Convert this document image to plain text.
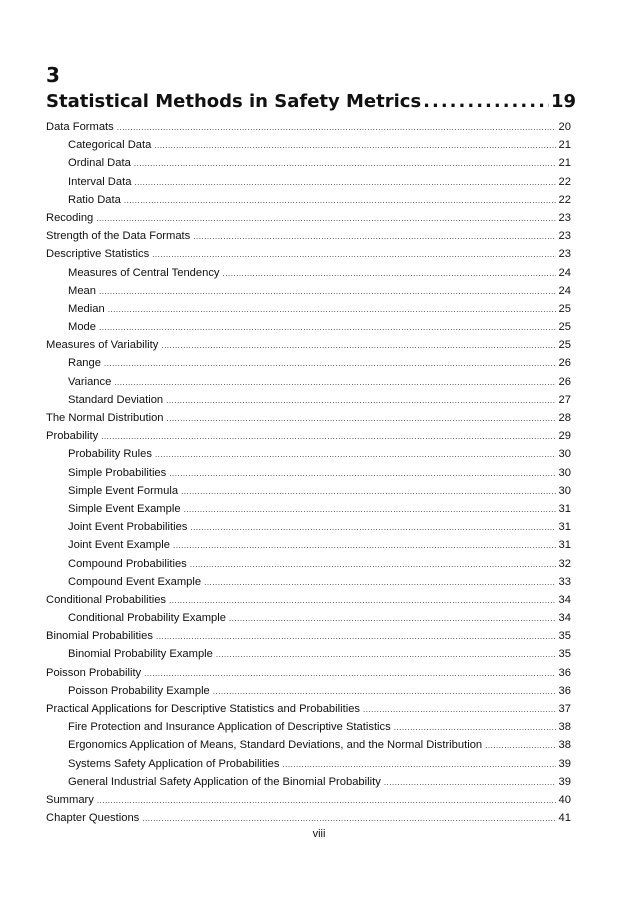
3
Statistical Methods in Safety Metrics .....	19
Data Formats .....	20
Categorical Data .....	21
Ordinal Data .....	21
Interval Data .....	22
Ratio Data .....	22
Recoding .....	23
Strength of the Data Formats .....	23
Descriptive Statistics .....	23
Measures of Central Tendency .....	24
Mean .....	24
Median .....	25
Mode .....	25
Measures of Variability .....	25
Range .....	26
Variance .....	26
Standard Deviation .....	27
The Normal Distribution .....	28
Probability .....	29
Probability Rules .....	30
Simple Probabilities .....	30
Simple Event Formula .....	30
Simple Event Example .....	31
Joint Event Probabilities .....	31
Joint Event Example .....	31
Compound Probabilities .....	32
Compound Event Example .....	33
Conditional Probabilities .....	34
Conditional Probability Example .....	34
Binomial Probabilities .....	35
Binomial Probability Example .....	35
Poisson Probability .....	36
Poisson Probability Example .....	36
Practical Applications for Descriptive Statistics and Probabilities .....	37
Fire Protection and Insurance Application of Descriptive Statistics .....	38
Ergonomics Application of Means, Standard Deviations, and the Normal Distribution .....	38
Systems Safety Application of Probabilities .....	39
General Industrial Safety Application of the Binomial Probability .....	39
Summary .....	40
Chapter Questions .....	41
viii
